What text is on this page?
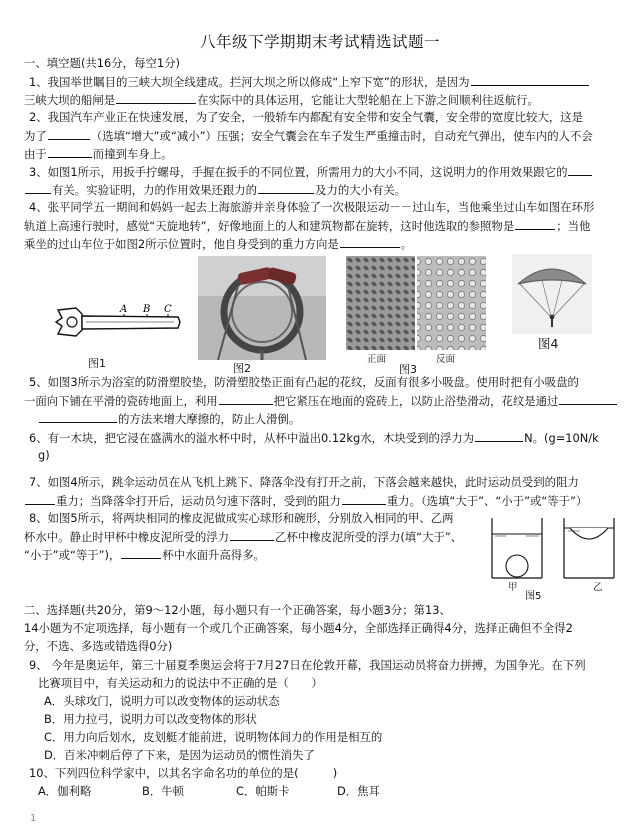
八年级下学期期末考试精选试题一
一、填空题(共16分，每空1分)
1、我国举世瞩目的三峡大坝全线建成。拦河大坝之所以修成“上窄下宽”的形状，是因为
三峡大坝的船闸是	在实际中的具体运用，它能让大型轮船在上下游之间顺利往返航行。
2、我国汽车产业正在快速发展，为了安全，一般轿车内都配有安全带和安全气囊，安全带的宽度比较大，这是
为了	（选填“增大”或“减小”）压强；安全气囊会在车子发生严重撞击时，自动充气弹出，使车内的人不会
由于	而撞到车身上。
3、如图1所示，用扳手拧螺母，手握在扳手的不同位置，所需用力的大小不同，这说明力的作用效果跟它的
有关。实验证明，力的作用效果还跟力的	及力的大小有关。
4、张平同学五一期间和妈妈一起去上海旅游并亲身体验了一次极限运动－－过山车，当他乘坐过山车如图在环形
轨道上高速行驶时，感觉“天旋地转”，好像地面上的人和建筑物都在旋转，这时他选取的参照物是	；当他
乘坐的过山车位于如图2所示位置时，他自身受到的重力方向是	。
A B C
图1	图2
正面	反面
图3
图4
5、如图3所示为浴室的防滑塑胶垫，防滑塑胶垫正面有凸起的花纹，反面有很多小吸盘。使用时把有小吸盘的
一面向下铺在平滑的瓷砖地面上，利用	把它紧压在地面的瓷砖上，以防止浴垫滑动，花纹是通过
的方法来增大摩擦的，防止人滑倒。
6、有一木块，把它浸在盛满水的溢水杯中时，从杯中溢出0.12kg水，木块受到的浮力为	N。(g=10N/k
g)
7、如图4所示，跳伞运动员在从飞机上跳下、降落伞没有打开之前，下落会越来越快，此时运动员受到的阻力
重力；当降落伞打开后，运动员匀速下落时，受到的阻力	重力。（选填“大于”、“小于”或“等于”）
8、如图5所示，将两块相同的橡皮泥做成实心球形和碗形，分别放入相同的甲、乙两
杯水中。静止时甲杯中橡皮泥所受的浮力	乙杯中橡皮泥所受的浮力(填“大于”、
“小于”或“等于”)，	杯中水面升高得多。
甲
图5
乙
二、选择题(共20分，第9～12小题，每小题只有一个正确答案，每小题3分；第13、
14小题为不定项选择，每小题有一个或几个正确答案，每小题4分，全部选择正确得4分，选择正确但不全得2
分，不选、多选或错选得0分)
9、 今年是奥运年，第三十届夏季奥运会将于7月27日在伦敦开幕，我国运动员将奋力拼搏，为国争光。在下列
比赛项目中，有关运动和力的说法中不正确的是（　　）
A．头球攻门，说明力可以改变物体的运动状态
B．用力拉弓，说明力可以改变物体的形状
C．用力向后划水，皮划艇才能前进，说明物体间力的作用是相互的
D．百米冲刺后停了下来，是因为运动员的惯性消失了
10、下列四位科学家中，以其名字命名功的单位的是(　　　)
A．伽利略	B．牛顿	C．帕斯卡	D．焦耳
1
